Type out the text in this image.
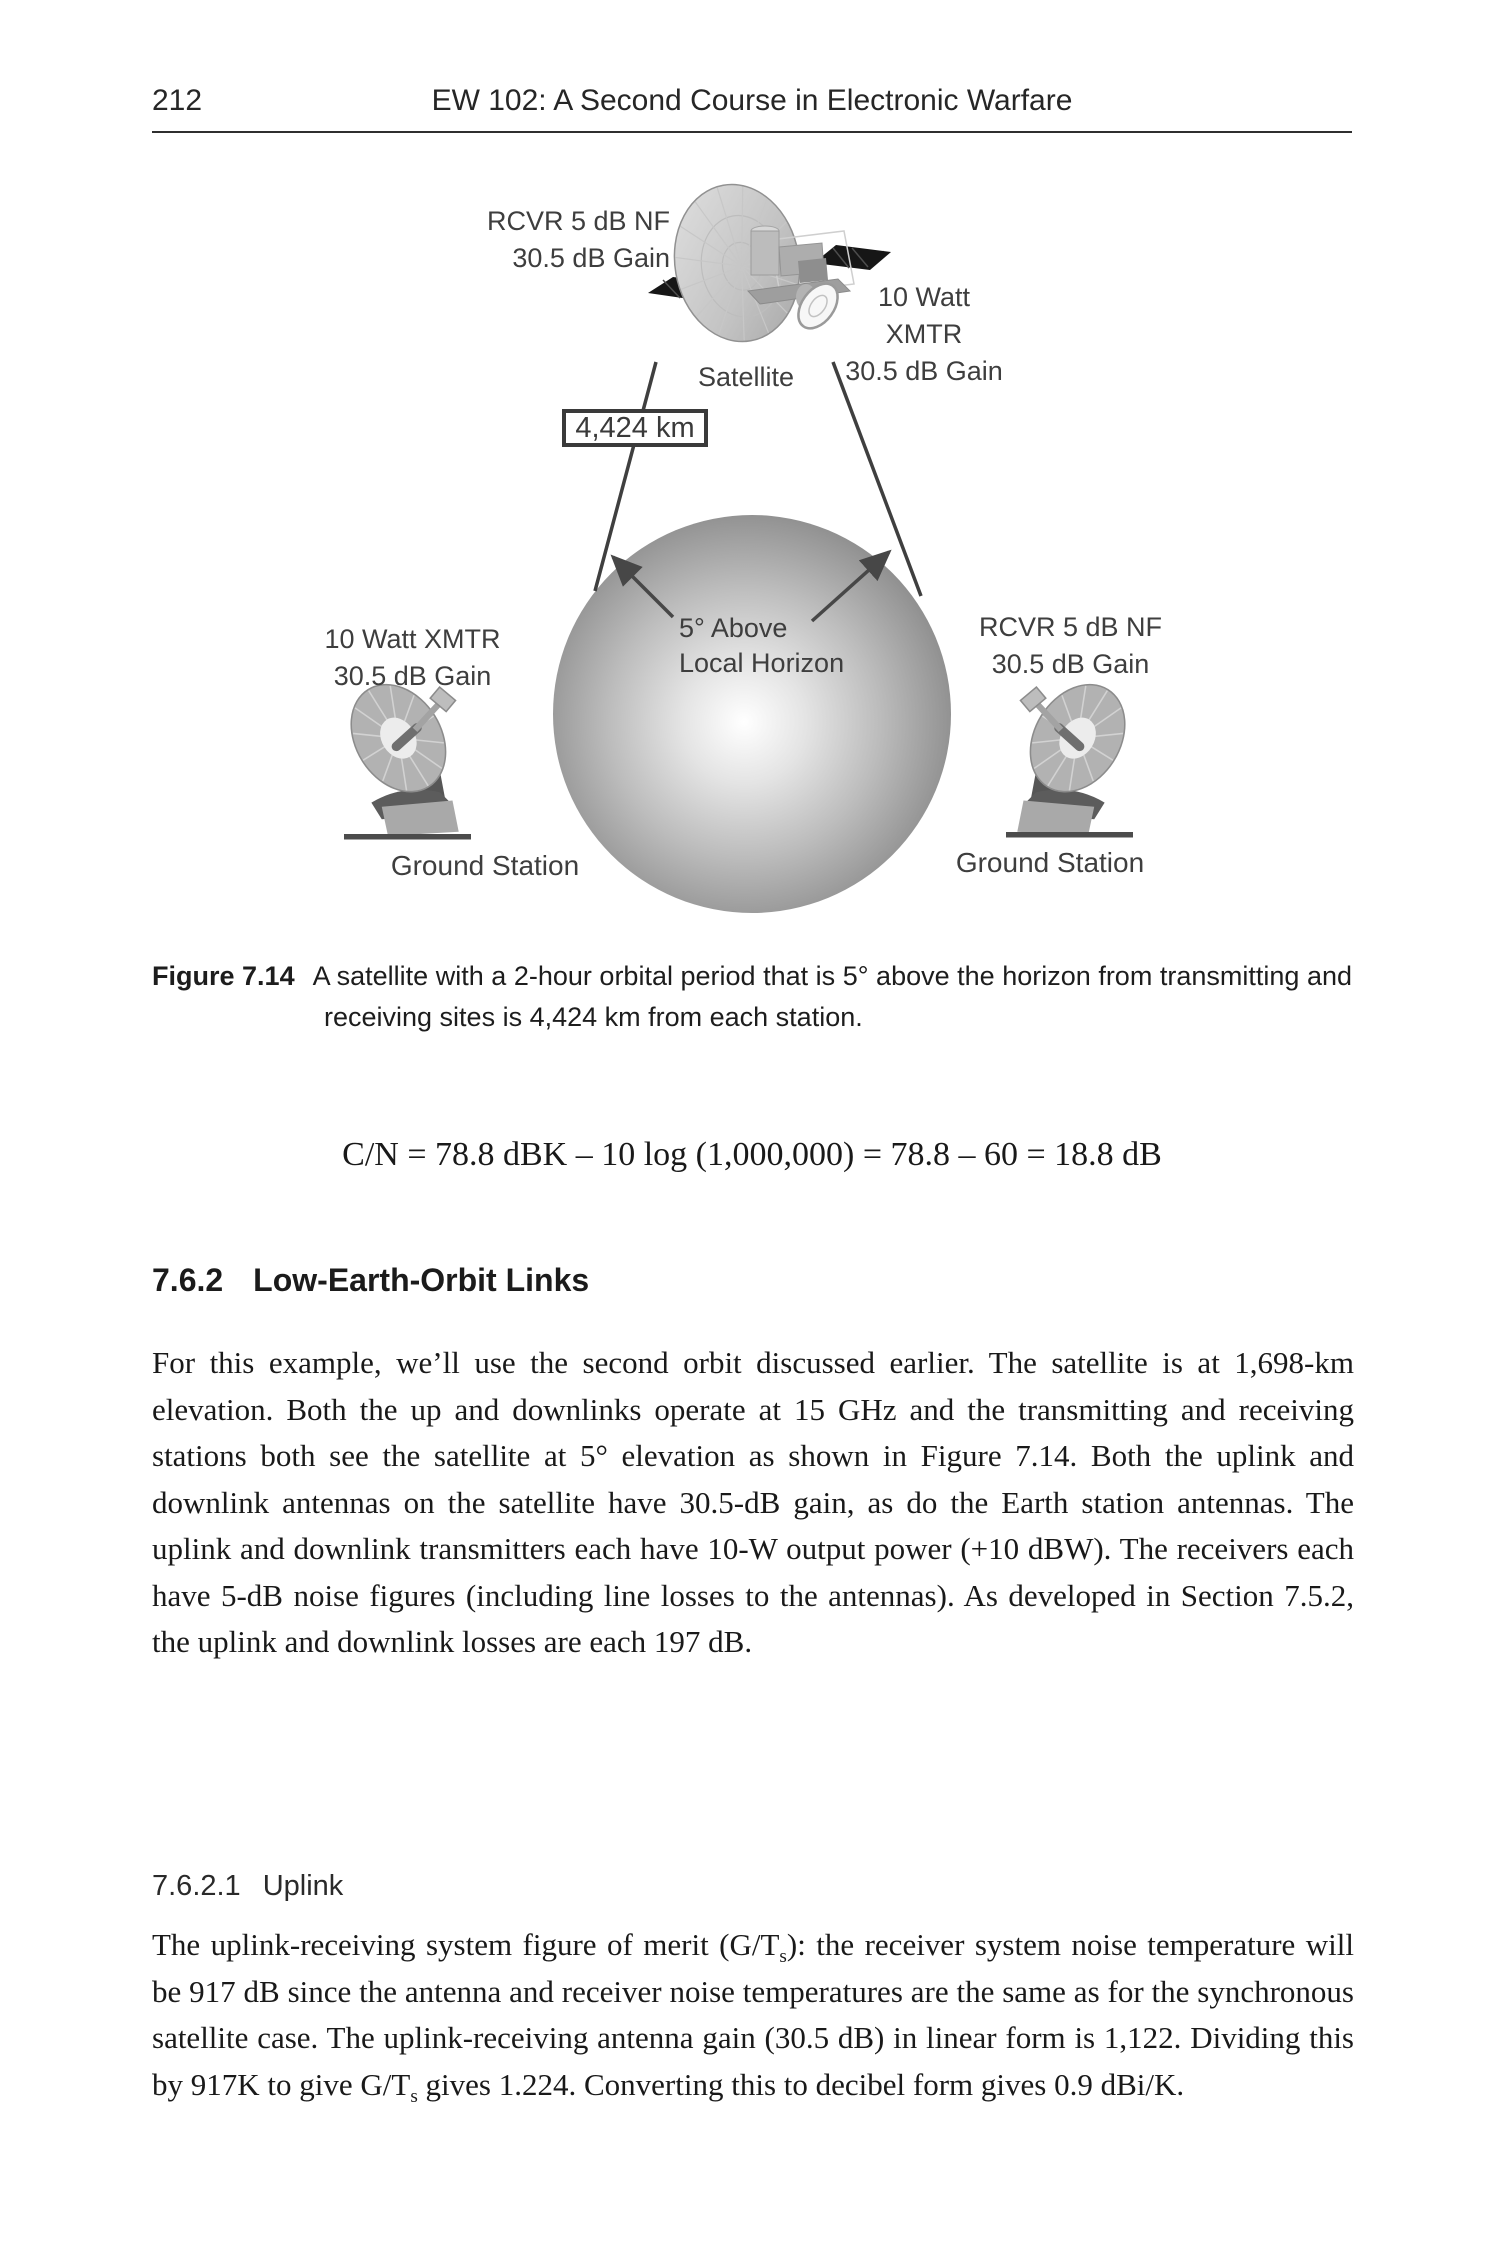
212	EW 102: A Second Course in Electronic Warfare
RCVR 5 dB NF
30.5 dB Gain
10 Watt XMTR
30.5 dB Gain
Satellite
4,424 km
5° Above
Local Horizon
10 Watt XMTR
30.5 dB Gain
RCVR 5 dB NF
30.5 dB Gain
Ground Station	Ground Station
Figure 7.14 A satellite with a 2-hour orbital period that is 5° above the horizon from transmitting and receiving sites is 4,424 km from each station.
C/N = 78.8 dBK – 10 log (1,000,000) = 78.8 – 60 = 18.8 dB
7.6.2 Low-Earth-Orbit Links

For this example, we’ll use the second orbit discussed earlier. The satellite is at 1,698-km elevation. Both the up and downlinks operate at 15 GHz and the transmitting and receiving stations both see the satellite at 5° elevation as shown in Figure 7.14. Both the uplink and downlink antennas on the satellite have 30.5-dB gain, as do the Earth station antennas. The uplink and downlink transmitters each have 10-W output power (+10 dBW). The receivers each have 5-dB noise figures (including line losses to the antennas). As developed in Section 7.5.2, the uplink and downlink losses are each 197 dB.

7.6.2.1 Uplink

The uplink-receiving system figure of merit $(G/T_s)$: the receiver system noise temperature will be 917 dB since the antenna and receiver noise temperatures are the same as for the synchronous satellite case. The uplink-receiving antenna gain (30.5 dB) in linear form is 1,122. Dividing this by 917K to give $G/T_s$ gives 1.224. Converting this to decibel form gives 0.9 dBi/K.
